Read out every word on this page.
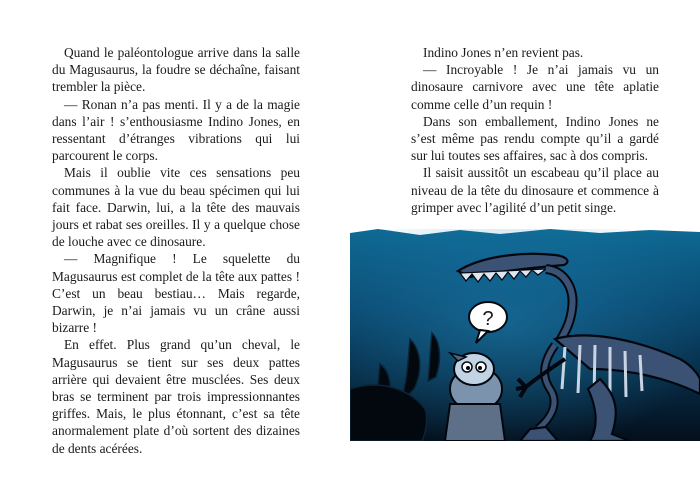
Quand le paléontologue arrive dans la salle du Magusaurus, la foudre se déchaîne, faisant trembler la pièce.

— Ronan n’a pas menti. Il y a de la magie dans l’air ! s’enthousiasme Indino Jones, en ressentant d’étranges vibrations qui lui parcourent le corps.

Mais il oublie vite ces sensations peu communes à la vue du beau spécimen qui lui fait face. Darwin, lui, a la tête des mauvais jours et rabat ses oreilles. Il y a quelque chose de louche avec ce dinosaure.

— Magnifique ! Le squelette du Magusaurus est complet de la tête aux pattes ! C’est un beau bestiau… Mais regarde, Darwin, je n’ai jamais vu un crâne aussi bizarre !

En effet. Plus grand qu’un cheval, le Magusaurus se tient sur ses deux pattes arrière qui devaient être musclées. Ses deux bras se terminent par trois impressionnantes griffes. Mais, le plus étonnant, c’est sa tête anormalement plate d’où sortent des dizaines de dents acérées.

Indino Jones n’en revient pas.

— Incroyable ! Je n’ai jamais vu un dinosaure carnivore avec une tête aplatie comme celle d’un requin !

Dans son emballement, Indino Jones ne s’est même pas rendu compte qu’il a gardé sur lui toutes ses affaires, sac à dos compris.

Il saisit aussitôt un escabeau qu’il place au niveau de la tête du dinosaure et commence à grimper avec l’agilité d’un petit singe.

?
